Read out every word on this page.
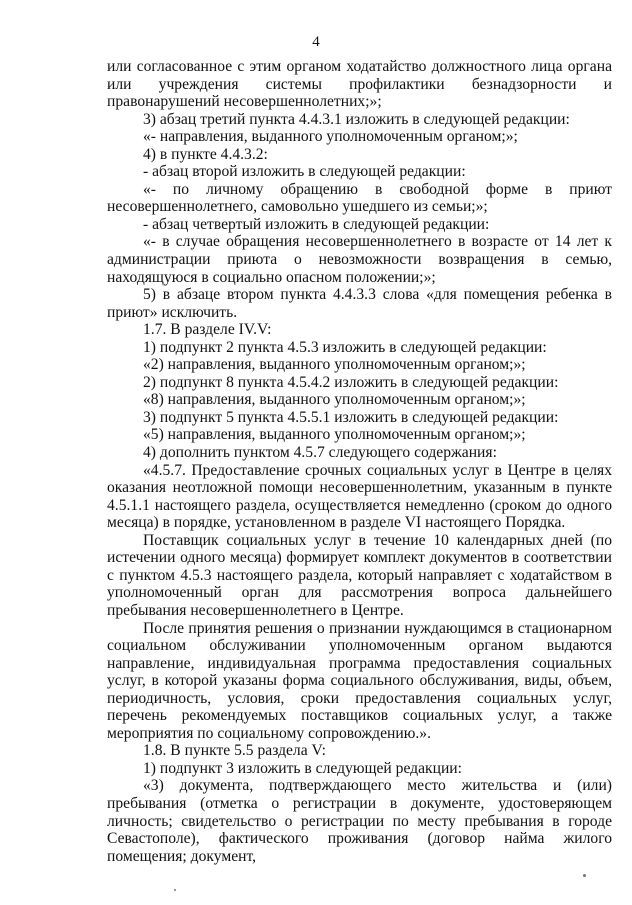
4

или согласованное с этим органом ходатайство должностного лица органа или учреждения системы профилактики безнадзорности и правонарушений несовершеннолетних;»;

3) абзац третий пункта 4.4.3.1 изложить в следующей редакции:

«- направления, выданного уполномоченным органом;»;

4) в пункте 4.4.3.2:

- абзац второй изложить в следующей редакции:

«- по личному обращению в свободной форме в приют несовершеннолетнего, самовольно ушедшего из семьи;»;

- абзац четвертый изложить в следующей редакции:

«- в случае обращения несовершеннолетнего в возрасте от 14 лет к администрации приюта о невозможности возвращения в семью, находящуюся в социально опасном положении;»;

5) в абзаце втором пункта 4.4.3.3 слова «для помещения ребенка в приют» исключить.

1.7. В разделе IV.V:

1) подпункт 2 пункта 4.5.3 изложить в следующей редакции:

«2) направления, выданного уполномоченным органом;»;

2) подпункт 8 пункта 4.5.4.2 изложить в следующей редакции:

«8) направления, выданного уполномоченным органом;»;

3) подпункт 5 пункта 4.5.5.1 изложить в следующей редакции:

«5) направления, выданного уполномоченным органом;»;

4) дополнить пунктом 4.5.7 следующего содержания:

«4.5.7. Предоставление срочных социальных услуг в Центре в целях оказания неотложной помощи несовершеннолетним, указанным в пункте 4.5.1.1 настоящего раздела, осуществляется немедленно (сроком до одного месяца) в порядке, установленном в разделе VI настоящего Порядка.

Поставщик социальных услуг в течение 10 календарных дней (по истечении одного месяца) формирует комплект документов в соответствии с пунктом 4.5.3 настоящего раздела, который направляет с ходатайством в уполномоченный орган для рассмотрения вопроса дальнейшего пребывания несовершеннолетнего в Центре.

После принятия решения о признании нуждающимся в стационарном социальном обслуживании уполномоченным органом выдаются направление, индивидуальная программа предоставления социальных услуг, в которой указаны форма социального обслуживания, виды, объем, периодичность, условия, сроки предоставления социальных услуг, перечень рекомендуемых поставщиков социальных услуг, а также мероприятия по социальному сопровождению.».

1.8. В пункте 5.5 раздела V:

1) подпункт 3 изложить в следующей редакции:

«3) документа, подтверждающего место жительства и (или) пребывания (отметка о регистрации в документе, удостоверяющем личность; свидетельство о регистрации по месту пребывания в городе Севастополе), фактического проживания (договор найма жилого помещения; документ,
